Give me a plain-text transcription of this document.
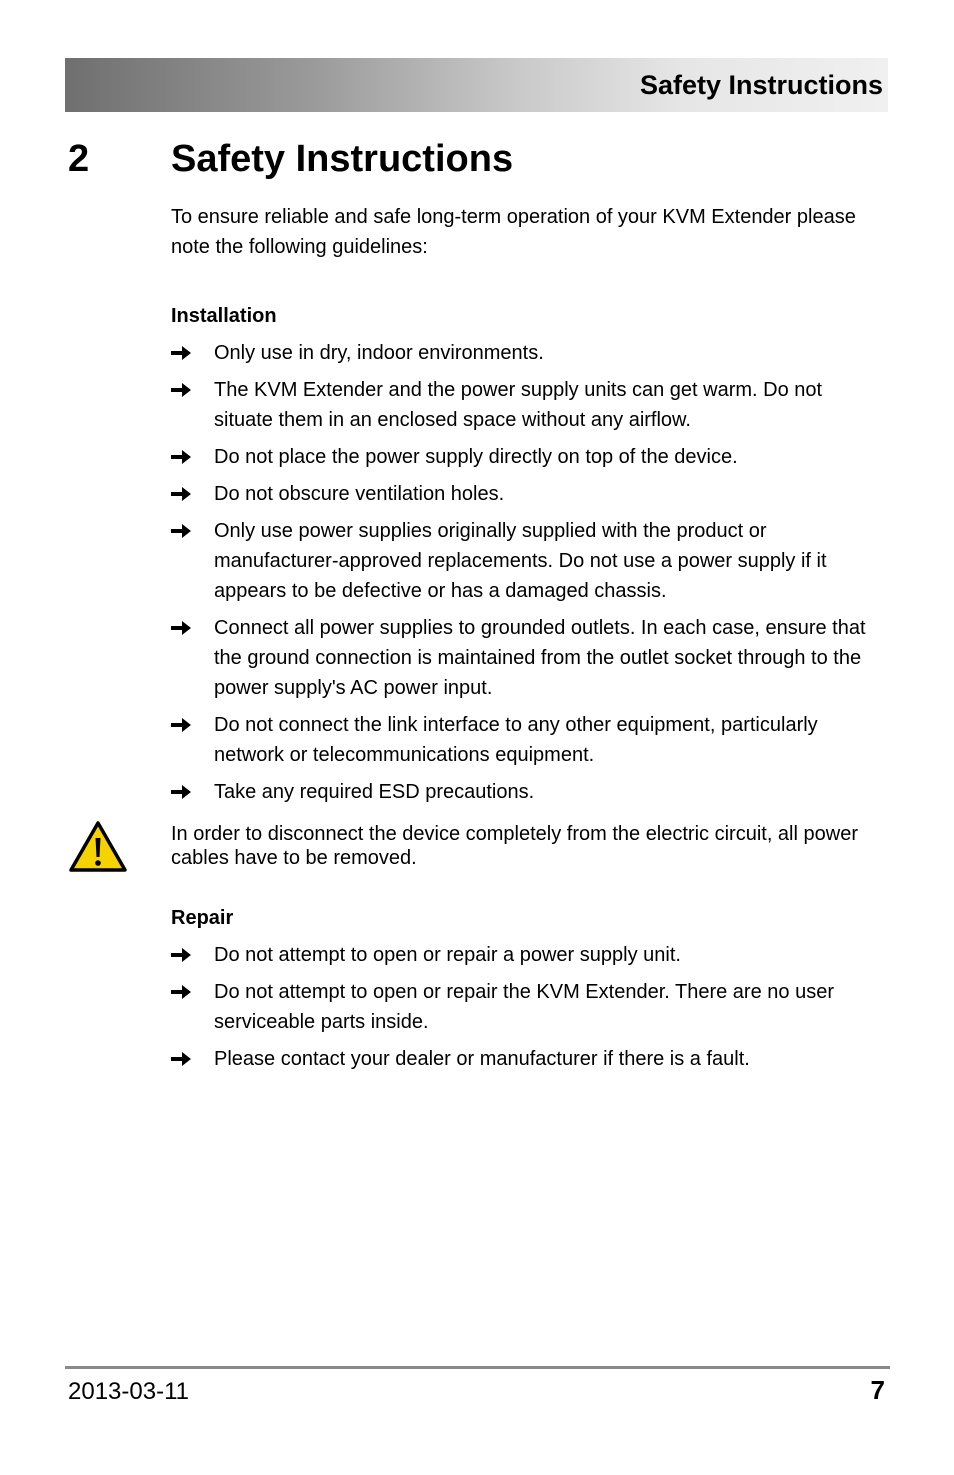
Safety Instructions
2 Safety Instructions

To ensure reliable and safe long-term operation of your KVM Extender please note the following guidelines:

Installation
Only use in dry, indoor environments.
The KVM Extender and the power supply units can get warm. Do not situate them in an enclosed space without any airflow.
Do not place the power supply directly on top of the device.
Do not obscure ventilation holes.
Only use power supplies originally supplied with the product or manufacturer-approved replacements. Do not use a power supply if it appears to be defective or has a damaged chassis.
Connect all power supplies to grounded outlets. In each case, ensure that the ground connection is maintained from the outlet socket through to the power supply's AC power input.
Do not connect the link interface to any other equipment, particularly network or telecommunications equipment.
Take any required ESD precautions.
In order to disconnect the device completely from the electric circuit, all power cables have to be removed.
Repair
Do not attempt to open or repair a power supply unit.
Do not attempt to open or repair the KVM Extender. There are no user serviceable parts inside.
Please contact your dealer or manufacturer if there is a fault.
2013-03-11	7
